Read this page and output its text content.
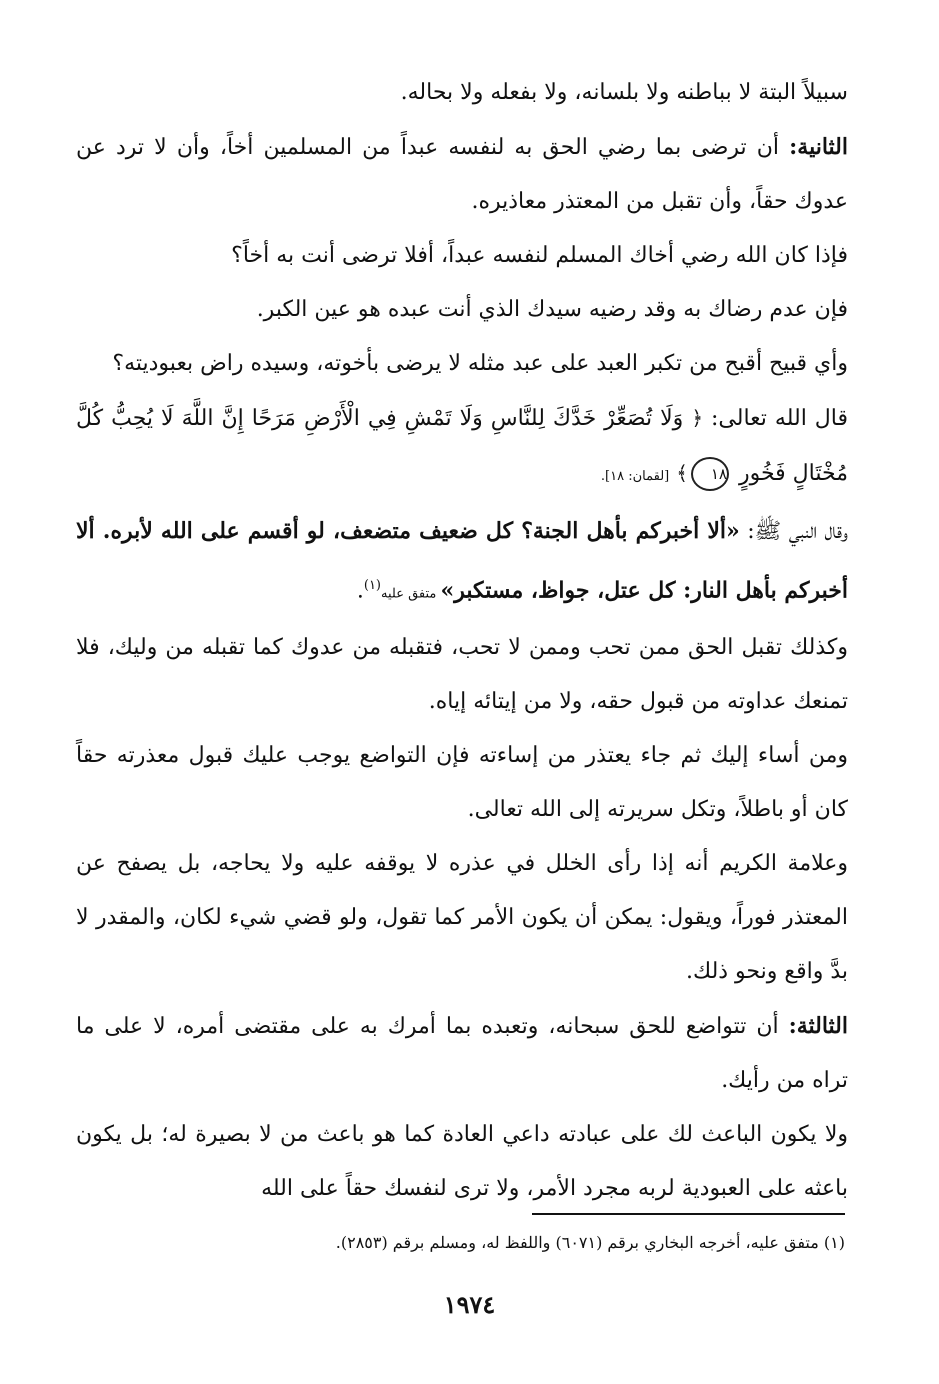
سبيلاً البتة لا بباطنه ولا بلسانه، ولا بفعله ولا بحاله.

الثانية: أن ترضى بما رضي الحق به لنفسه عبداً من المسلمين أخاً، وأن لا ترد عن عدوك حقاً، وأن تقبل من المعتذر معاذيره.

فإذا كان الله رضي أخاك المسلم لنفسه عبداً، أفلا ترضى أنت به أخاً؟

فإن عدم رضاك به وقد رضيه سيدك الذي أنت عبده هو عين الكبر.

وأي قبيح أقبح من تكبر العبد على عبد مثله لا يرضى بأخوته، وسيده راض بعبوديته؟

قال الله تعالى: ﴿ وَلَا تُصَعِّرْ خَدَّكَ لِلنَّاسِ وَلَا تَمْشِ فِي الْأَرْضِ مَرَحًا إِنَّ اللَّهَ لَا يُحِبُّ كُلَّ مُخْتَالٍ فَخُورٍ ١٨﴾ [لقمان: ١٨].

وقال النبي ﷺ: «ألا أخبركم بأهل الجنة؟ كل ضعيف متضعف، لو أقسم على الله لأبره. ألا أخبركم بأهل النار: كل عتل، جواظ، مستكبر» متفق عليه$^{(١)}$.

وكذلك تقبل الحق ممن تحب وممن لا تحب، فتقبله من عدوك كما تقبله من وليك، فلا تمنعك عداوته من قبول حقه، ولا من إيتائه إياه.

ومن أساء إليك ثم جاء يعتذر من إساءته فإن التواضع يوجب عليك قبول معذرته حقاً كان أو باطلاً، وتكل سريرته إلى الله تعالى.

وعلامة الكريم أنه إذا رأى الخلل في عذره لا يوقفه عليه ولا يحاجه، بل يصفح عن المعتذر فوراً، ويقول: يمكن أن يكون الأمر كما تقول، ولو قضي شيء لكان، والمقدر لا بدَّ واقع ونحو ذلك.

الثالثة: أن تتواضع للحق سبحانه، وتعبده بما أمرك به على مقتضى أمره، لا على ما تراه من رأيك.

ولا يكون الباعث لك على عبادته داعي العادة كما هو باعث من لا بصيرة له؛ بل يكون باعثه على العبودية لربه مجرد الأمر، ولا ترى لنفسك حقاً على الله

(١) متفق عليه، أخرجه البخاري برقم (٦٠٧١) واللفظ له، ومسلم برقم (٢٨٥٣).
١٩٧٤
